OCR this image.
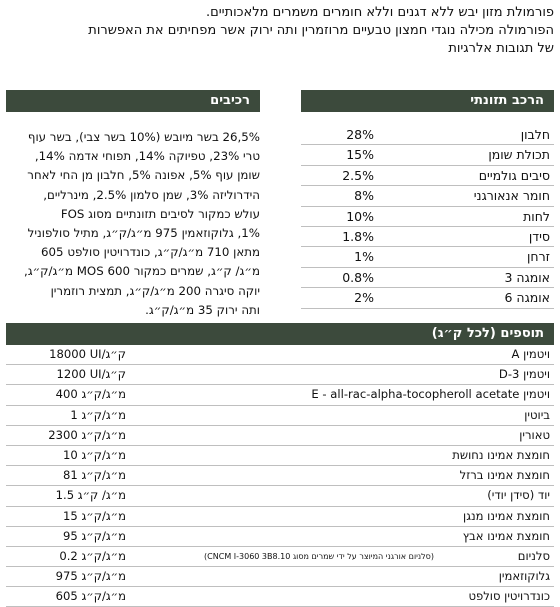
פורמולת מזון יבש ללא דגנים וללא חומרים משמרים מלאכותיים.
הפורמולה מכילה נוגדי חמצון טבעיים מרוזמרין ותה ירוק אשר מפחיתים את האפשרות
של תגובות אלרגיות
הרכב תזונתי
רכיבים
חלבון
28%
תכולת שומן
15%
סיבים גולמיים
2.5%
חומר אנאורגני
8%
לחות
10%
סידן
1.8%
זרחן
1%
אומגה 3
0.8%
אומגה 6
2%
26,5% בשר מיובש (10% בשר צבי), בשר עוף
טרי 23%, טפיוקה 14%, תפוחי אדמה 14%,
שומן עוף 5%, אפונה 5%, חלבון מן החי לאחר
הידרוליזה 3%, שמן סלמון 2.5%, מינרליים,
עולש כמקור לסיבים תזונתיים מסוג FOS
1%, גלוקוזאמין 975 מ״ג/ק״ג, מתיל סולפוניל
מתאן 710 מ״ג/ק״ג, כונדרויטין סולפט 605
מ״ג/ ק״ג, שמרים כמקור MOS 600 מ״ג/ק״ג,
יוקה סיגרה 200 מ״ג/ק״ג, תמצית רוזמרין
ותה ירוק 35 מ״ג/ק״ג.
תוספים (לכל ק״ג)
ויטמין A
18000 UI/ק״ג
ויטמין D-3
1200 UI/ק״ג
ויטמין E - all-rac-alpha-tocopheroll acetate
400 מ״ג/ק״ג
ביוטין
1 מ״ג/ק״ג
טאורין
2300 מ״ג/ק״ג
חומצת אמינו נחושת
10 מ״ג/ק״ג
חומצת אמינו ברזל
81 מ״ג/ק״ג
יוד (סידן יודי)
1.5 מ״ג/ ק״ג
חומצת אמינו מנגן
15 מ״ג/ק״ג
חומצת אמינו אבץ
95 מ״ג/ק״ג
סלניום
(סלניום אורגני המיוצר על ידי שמרים מסוג CNCM I-3060 3B8.10)
0.2 מ״ג/ק״ג
גלוקוזאמין
975 מ״ג/ק״ג
כונדרויטין סולפט
605 מ״ג/ק״ג
